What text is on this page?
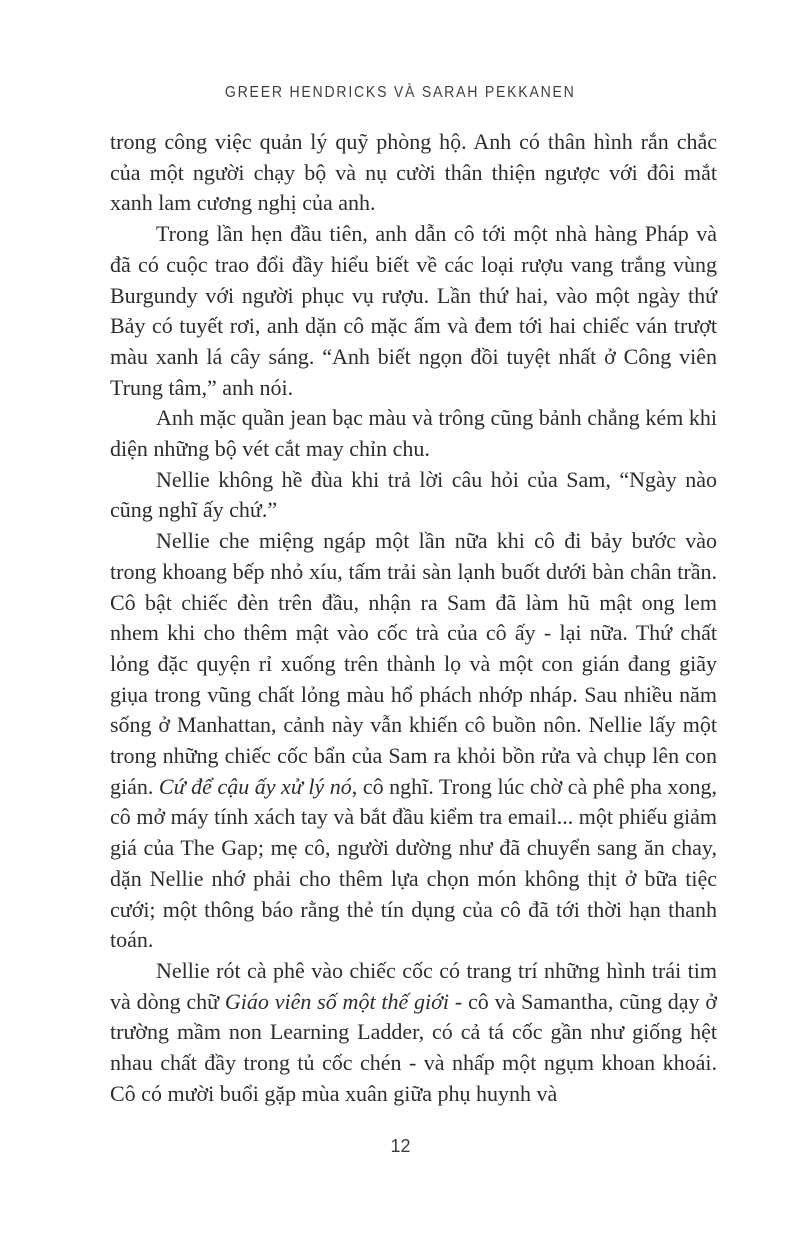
GREER HENDRICKS VÀ SARAH PEKKANEN

trong công việc quản lý quỹ phòng hộ. Anh có thân hình rắn chắc của một người chạy bộ và nụ cười thân thiện ngược với đôi mắt xanh lam cương nghị của anh.

Trong lần hẹn đầu tiên, anh dẫn cô tới một nhà hàng Pháp và đã có cuộc trao đổi đầy hiểu biết về các loại rượu vang trắng vùng Burgundy với người phục vụ rượu. Lần thứ hai, vào một ngày thứ Bảy có tuyết rơi, anh dặn cô mặc ấm và đem tới hai chiếc ván trượt màu xanh lá cây sáng. “Anh biết ngọn đồi tuyệt nhất ở Công viên Trung tâm,” anh nói.

Anh mặc quần jean bạc màu và trông cũng bảnh chẳng kém khi diện những bộ vét cắt may chỉn chu.

Nellie không hề đùa khi trả lời câu hỏi của Sam, “Ngày nào cũng nghĩ ấy chứ.”

Nellie che miệng ngáp một lần nữa khi cô đi bảy bước vào trong khoang bếp nhỏ xíu, tấm trải sàn lạnh buốt dưới bàn chân trần. Cô bật chiếc đèn trên đầu, nhận ra Sam đã làm hũ mật ong lem nhem khi cho thêm mật vào cốc trà của cô ấy - lại nữa. Thứ chất lỏng đặc quyện rỉ xuống trên thành lọ và một con gián đang giãy giụa trong vũng chất lỏng màu hổ phách nhớp nháp. Sau nhiều năm sống ở Manhattan, cảnh này vẫn khiến cô buồn nôn. Nellie lấy một trong những chiếc cốc bẩn của Sam ra khỏi bồn rửa và chụp lên con gián. Cứ để cậu ấy xử lý nó, cô nghĩ. Trong lúc chờ cà phê pha xong, cô mở máy tính xách tay và bắt đầu kiểm tra email... một phiếu giảm giá của The Gap; mẹ cô, người dường như đã chuyển sang ăn chay, dặn Nellie nhớ phải cho thêm lựa chọn món không thịt ở bữa tiệc cưới; một thông báo rằng thẻ tín dụng của cô đã tới thời hạn thanh toán.

Nellie rót cà phê vào chiếc cốc có trang trí những hình trái tim và dòng chữ Giáo viên số một thế giới - cô và Samantha, cũng dạy ở trường mầm non Learning Ladder, có cả tá cốc gần như giống hệt nhau chất đầy trong tủ cốc chén - và nhấp một ngụm khoan khoái. Cô có mười buổi gặp mùa xuân giữa phụ huynh và

12
